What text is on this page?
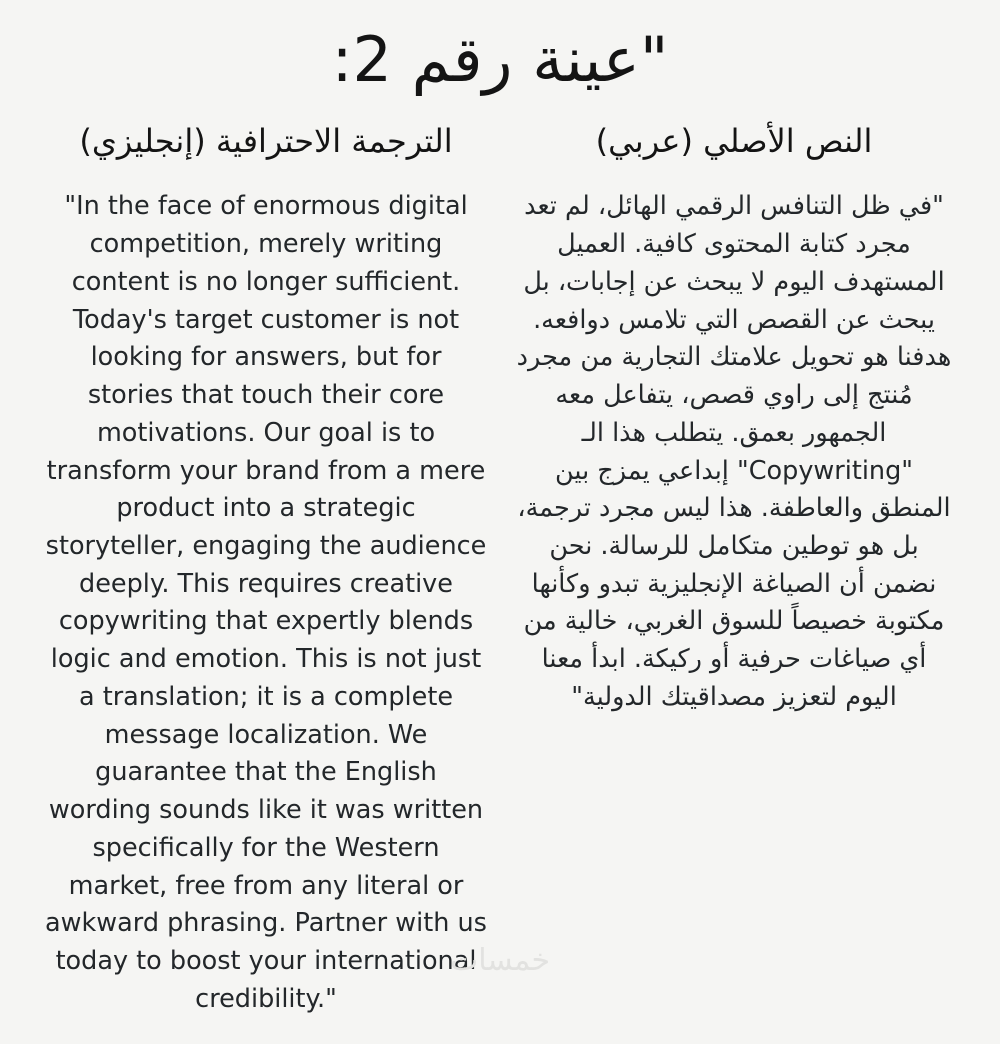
"عينة رقم 2:
الترجمة الاحترافية (إنجليزي)

"In the face of enormous digital competition, merely writing content is no longer sufficient. Today's target customer is not looking for answers, but for stories that touch their core motivations. Our goal is to transform your brand from a mere product into a strategic storyteller, engaging the audience deeply. This requires creative copywriting that expertly blends logic and emotion. This is not just a translation; it is a complete message localization. We guarantee that the English wording sounds like it was written specifically for the Western market, free from any literal or awkward phrasing. Partner with us today to boost your international credibility."

النص الأصلي (عربي)

"في ظل التنافس الرقمي الهائل، لم تعد مجرد كتابة المحتوى كافية. العميل المستهدف اليوم لا يبحث عن إجابات، بل يبحث عن القصص التي تلامس دوافعه. هدفنا هو تحويل علامتك التجارية من مجرد مُنتج إلى راوي قصص، يتفاعل معه الجمهور بعمق. يتطلب هذا الـ "Copywriting" إبداعي يمزج بين المنطق والعاطفة. هذا ليس مجرد ترجمة، بل هو توطين متكامل للرسالة. نحن نضمن أن الصياغة الإنجليزية تبدو وكأنها مكتوبة خصيصاً للسوق الغربي، خالية من أي صياغات حرفية أو ركيكة. ابدأ معنا اليوم لتعزيز مصداقيتك الدولية"

خمسات
